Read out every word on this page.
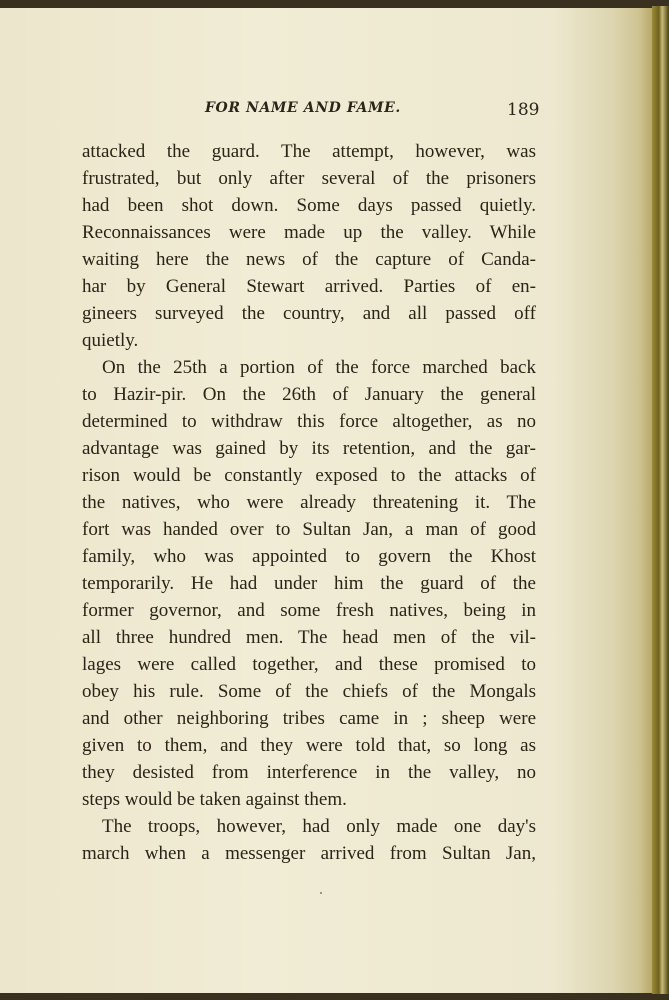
FOR NAME AND FAME.	189
attacked the guard. The attempt, however, was
frustrated, but only after several of the prisoners
had been shot down. Some days passed quietly.
Reconnaissances were made up the valley. While
waiting here the news of the capture of Canda-
har by General Stewart arrived. Parties of en-
gineers surveyed the country, and all passed off
quietly.
On the 25th a portion of the force marched back
to Hazir-pir. On the 26th of January the general
determined to withdraw this force altogether, as no
advantage was gained by its retention, and the gar-
rison would be constantly exposed to the attacks of
the natives, who were already threatening it. The
fort was handed over to Sultan Jan, a man of good
family, who was appointed to govern the Khost
temporarily. He had under him the guard of the
former governor, and some fresh natives, being in
all three hundred men. The head men of the vil-
lages were called together, and these promised to
obey his rule. Some of the chiefs of the Mongals
and other neighboring tribes came in ; sheep were
given to them, and they were told that, so long as
they desisted from interference in the valley, no
steps would be taken against them.
The troops, however, had only made one day's
march when a messenger arrived from Sultan Jan,
